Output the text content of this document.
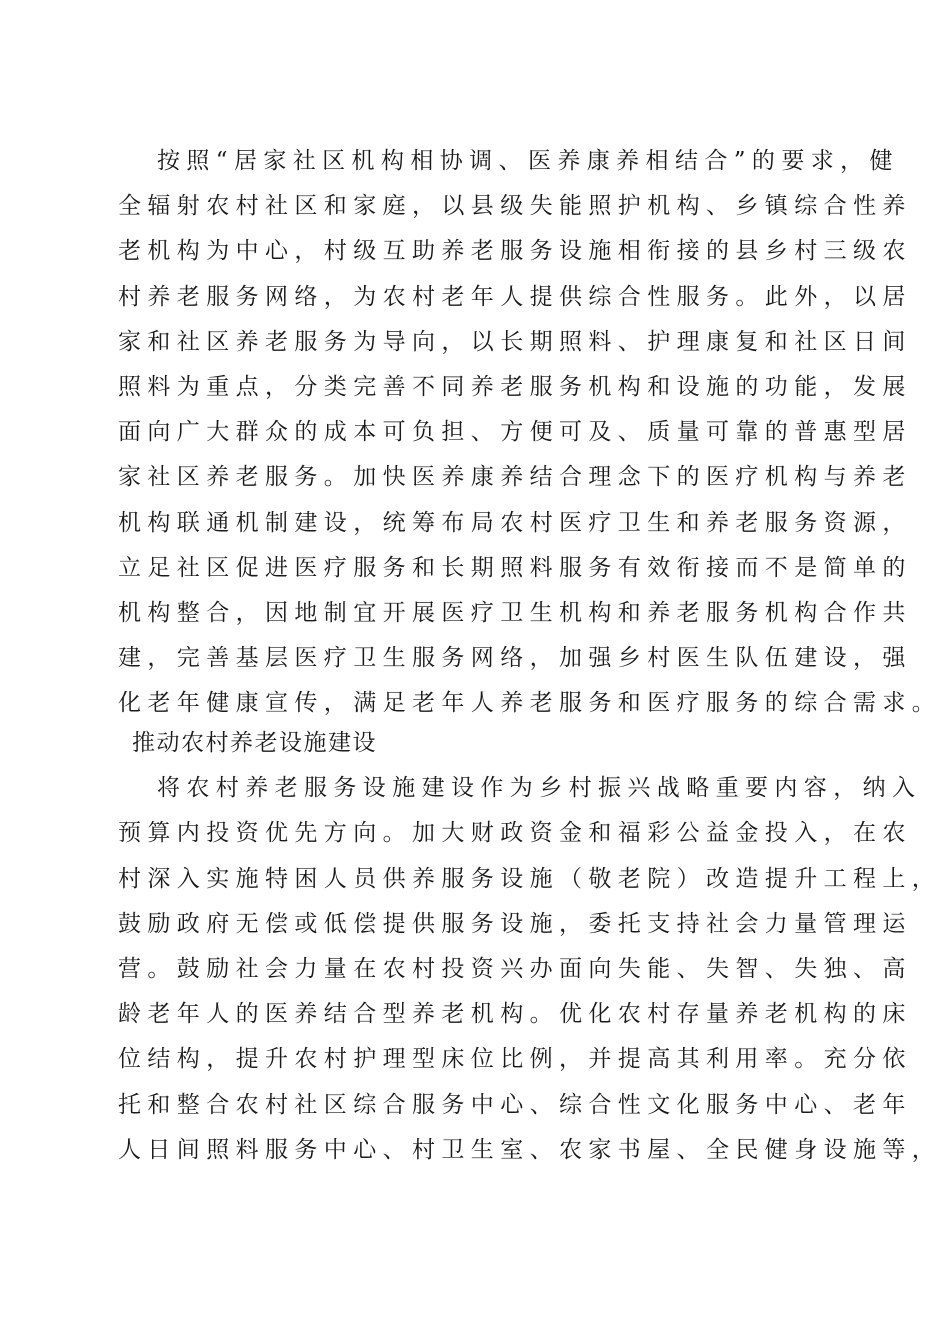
按照“居家社区机构相协调、医养康养相结合”的要求，健
全辐射农村社区和家庭，以县级失能照护机构、乡镇综合性养
老机构为中心，村级互助养老服务设施相衔接的县乡村三级农
村养老服务网络，为农村老年人提供综合性服务。此外，以居
家和社区养老服务为导向，以长期照料、护理康复和社区日间
照料为重点，分类完善不同养老服务机构和设施的功能，发展
面向广大群众的成本可负担、方便可及、质量可靠的普惠型居
家社区养老服务。加快医养康养结合理念下的医疗机构与养老
机构联通机制建设，统筹布局农村医疗卫生和养老服务资源，
立足社区促进医疗服务和长期照料服务有效衔接而不是简单的
机构整合，因地制宜开展医疗卫生机构和养老服务机构合作共
建，完善基层医疗卫生服务网络，加强乡村医生队伍建设，强
化老年健康宣传，满足老年人养老服务和医疗服务的综合需求。
推动农村养老设施建设
将农村养老服务设施建设作为乡村振兴战略重要内容，纳入
预算内投资优先方向。加大财政资金和福彩公益金投入，在农
村深入实施特困人员供养服务设施（敬老院）改造提升工程上，
鼓励政府无偿或低偿提供服务设施，委托支持社会力量管理运
营。鼓励社会力量在农村投资兴办面向失能、失智、失独、高
龄老年人的医养结合型养老机构。优化农村存量养老机构的床
位结构，提升农村护理型床位比例，并提高其利用率。充分依
托和整合农村社区综合服务中心、综合性文化服务中心、老年
人日间照料服务中心、村卫生室、农家书屋、全民健身设施等，
